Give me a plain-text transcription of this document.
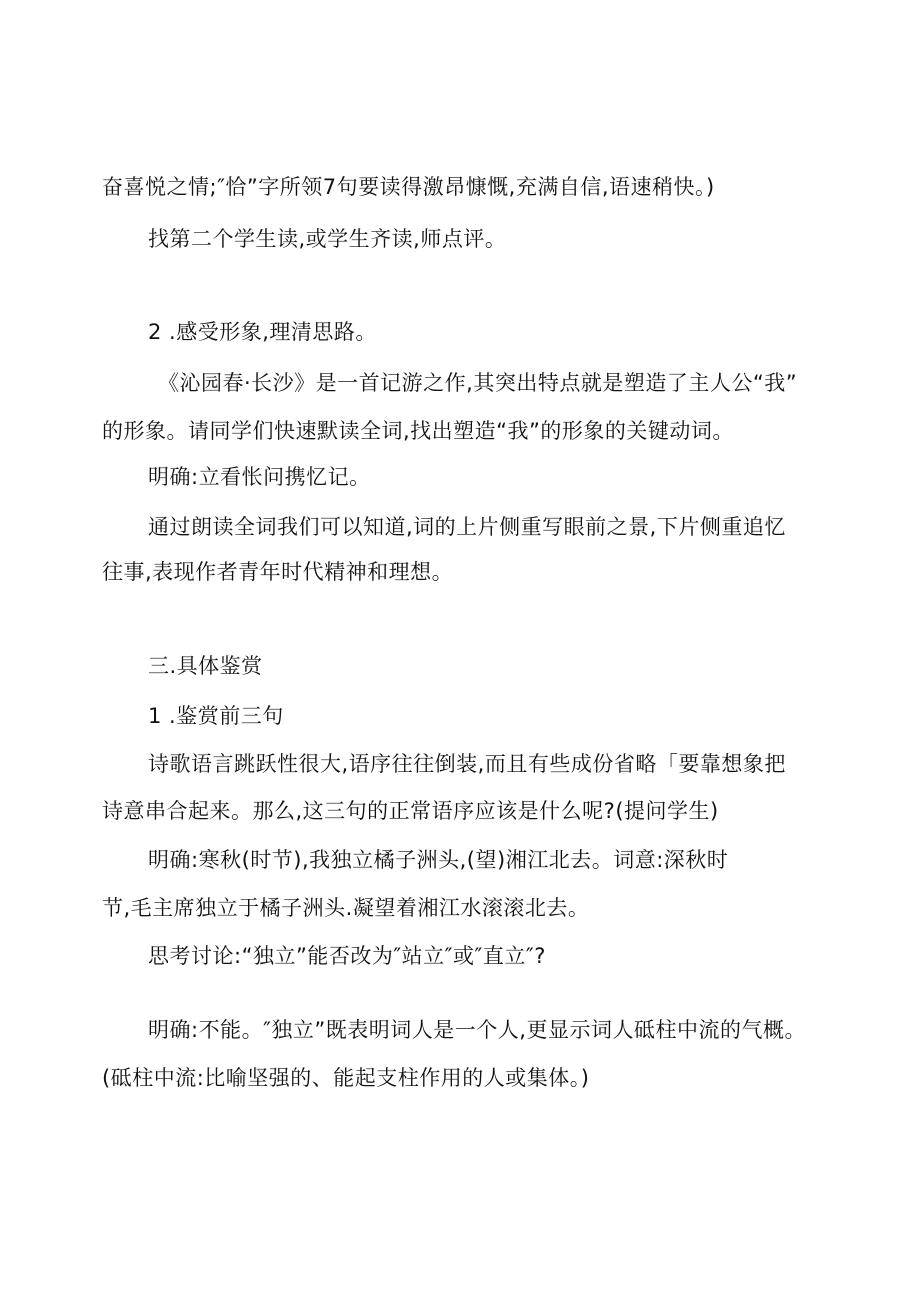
奋喜悦之情;″恰”字所领7句要读得激昂慷慨,充满自信,语速稍快。)

找第二个学生读,或学生齐读,师点评。

2 .感受形象,理清思路。

《沁园春·长沙》是一首记游之作,其突出特点就是塑造了主人公“我”

的形象。请同学们快速默读全词,找出塑造“我”的形象的关键动词。

明确:立看怅问携忆记。

通过朗读全词我们可以知道,词的上片侧重写眼前之景,下片侧重追忆

往事,表现作者青年时代精神和理想。

三.具体鉴赏

1 .鉴赏前三句

诗歌语言跳跃性很大,语序往往倒装,而且有些成份省略「要靠想象把

诗意串合起来。那么,这三句的正常语序应该是什么呢?(提问学生)

明确:寒秋(时节),我独立橘子洲头,(望)湘江北去。词意:深秋时

节,毛主席独立于橘子洲头.凝望着湘江水滚滚北去。

思考讨论:“独立”能否改为″站立″或″直立″?

明确:不能。″独立”既表明词人是一个人,更显示词人砥柱中流的气概。

(砥柱中流:比喻坚强的、能起支柱作用的人或集体。)
